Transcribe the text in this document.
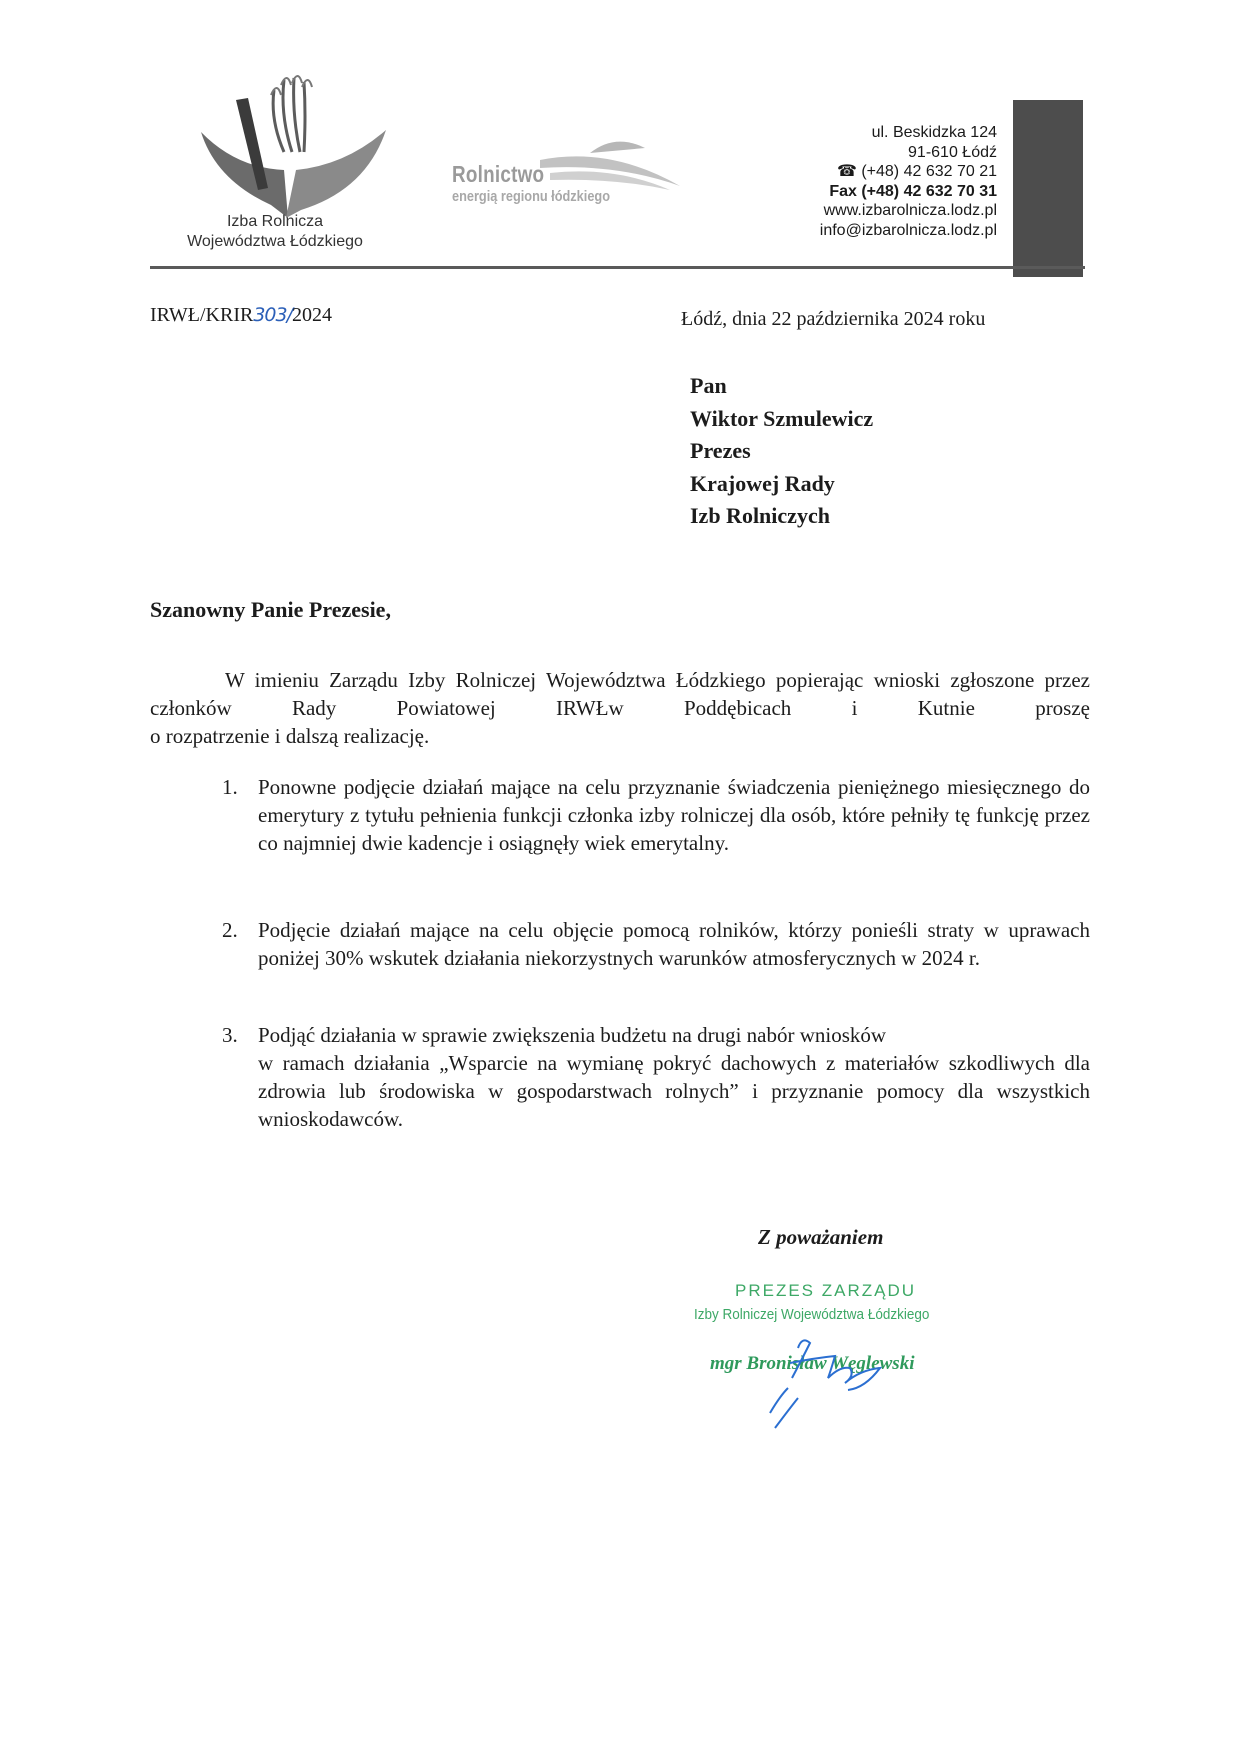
Izba Rolnicza
Województwa Łódzkiego
Rolnictwo
energią regionu łódzkiego
ul. Beskidzka 124
91-610 Łódź
☎ (+48) 42 632 70 21
Fax (+48) 42 632 70 31
www.izbarolnicza.lodz.pl
info@izbarolnicza.lodz.pl
IRWŁ/KRIR303/2024	Łódź, dnia 22 października 2024 roku
Pan
Wiktor Szmulewicz
Prezes
Krajowej Rady
Izb Rolniczych
Szanowny Panie Prezesie,
W imieniu Zarządu Izby Rolniczej Województwa Łódzkiego popierając wnioski zgłoszone przez członków Rady Powiatowej IRWŁw Poddębicach i Kutnie proszę
o rozpatrzenie i dalszą realizację.
1. Ponowne podjęcie działań mające na celu przyznanie świadczenia pieniężnego miesięcznego do emerytury z tytułu pełnienia funkcji członka izby rolniczej dla osób, które pełniły tę funkcję przez co najmniej dwie kadencje i osiągnęły wiek emerytalny.
2. Podjęcie działań mające na celu objęcie pomocą rolników, którzy ponieśli straty w uprawach poniżej 30% wskutek działania niekorzystnych warunków atmosferycznych w 2024 r.
3. Podjąć działania w sprawie zwiększenia budżetu na drugi nabór wniosków
w ramach działania „Wsparcie na wymianę pokryć dachowych z materiałów szkodliwych dla zdrowia lub środowiska w gospodarstwach rolnych” i przyznanie pomocy dla wszystkich wnioskodawców.
Z poważaniem
PREZES ZARZĄDU
Izby Rolniczej Województwa Łódzkiego
mgr Bronisław Węglewski
